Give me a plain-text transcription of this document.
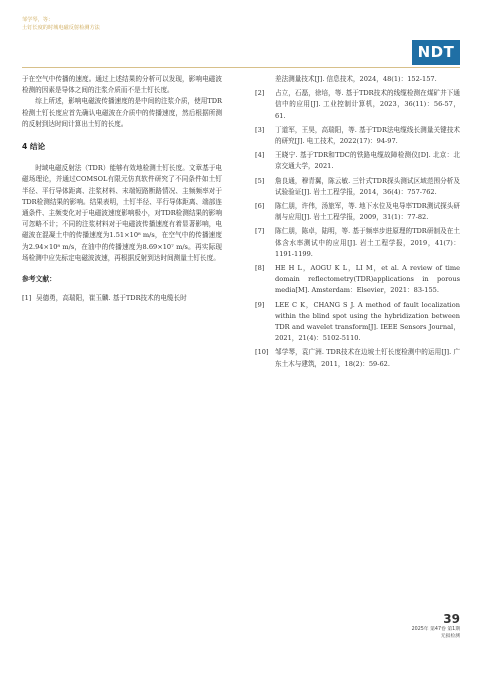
邹学琴，等：
土钉长度的时城电磁反射检测方法
NDT

于在空气中传播的速度。通过上述结果的分析可以发现，影响电磁波检测的因素是导体之间的注浆介质而不是土钉长度。

综上所述，影响电磁波传播速度的是中间的注浆介质，使用TDR检测土钉长度应首先确认电磁波在介质中的传播速度，然后根据所测的反射到达时间计算出土钉的长度。

4 结论

时域电磁反射法（TDR）能够有效地检测土钉长度。文章基于电磁场理论，并通过COMSOL有限元仿真软件研究了不同条件如土钉半径、平行导体距离、注浆材料、末端短路断路情况、主频频率对于TDR检测结果的影响。结果表明，土钉半径、平行导体距离、端部连通条件、主频变化对于电磁波速度影响极小，对TDR检测结果的影响可忽略不计；不同的注浆材料对于电磁波传播速度有着显著影响，电磁波在混凝土中的传播速度为1.51×10⁸ m/s，在空气中的传播速度为2.94×10⁸ m/s，在油中的传播速度为8.69×10⁷ m/s。再实际现场检测中应先标定电磁波波速，再根据反射到达时间测量土钉长度。

参考文献：
[1] 吴德勇，高瑞阳，崔玉麟. 基于TDR技术的电缆长时
差法测量技术[J]. 信息技术，2024，48(1)：152-157.
[2] 占立，石磊，徐培，等. 基于TDR技术的线缆检测在煤矿井下通信中的应用[J]. 工业控制计算机，2023，36(11)：56-57，61.
[3] 丁道军，王昊，高瑞阳，等. 基于TDR法电缆线长测量关键技术的研究[J]. 电工技术，2022(17)：94-97.
[4] 王晓宁. 基于TDR和TDC的铁路电缆故障检测仪[D]. 北京：北京交通大学，2021.
[5] 詹良通，穆青翼，陈云敏. 三针式TDR探头测试区域范围分析及试验验证[J]. 岩土工程学报，2014，36(4)：757-762.
[6] 陈仁朋，许伟，汤旅军，等. 地下水位及电导率TDR测试探头研制与应用[J]. 岩土工程学报，2009，31(1)：77-82.
[7] 陈仁朋，陈卓，陆明，等. 基于频率步进原理的TDR研制及在土体含水率测试中的应用[J]. 岩土工程学报，2019，41(7)：1191-1199.
[8] HE H L，AOGU K L，LI M，et al. A review of time domain reflectometry(TDR)applications in porous media[M]. Amsterdam：Elsevier，2021：83-155.
[9] LEE C K，CHANG S J. A method of fault localization within the blind spot using the hybridization between TDR and wavelet transform[J]. IEEE Sensors Journal，2021，21(4)：5102-5110.
[10] 邹学琴，袁广洲. TDR技术在边坡土钉长度检测中的运用[J]. 广东土木与建筑，2011，18(2)：59-62.
39
2025年 第47卷 第1期
无损检测
